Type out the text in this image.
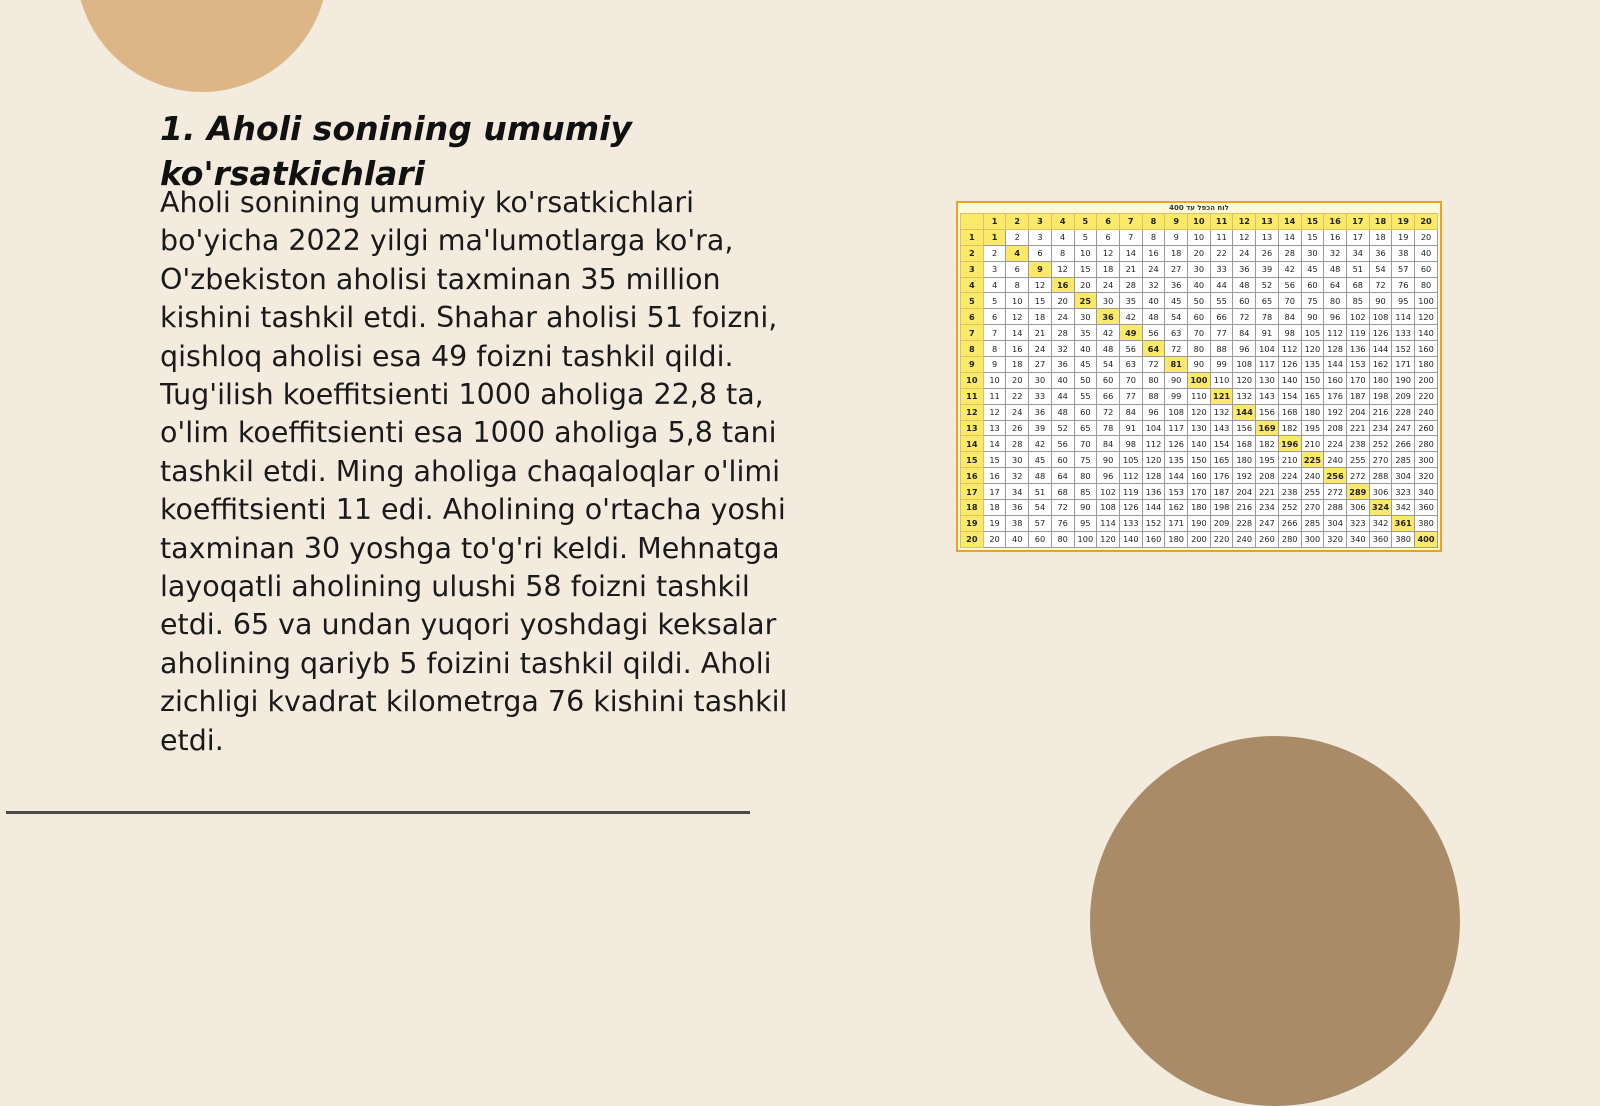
1. Aholi sonining umumiy ko'rsatkichlari

Aholi sonining umumiy ko'rsatkichlari bo'yicha 2022 yilgi ma'lumotlarga ko'ra, O'zbekiston aholisi taxminan 35 million kishini tashkil etdi. Shahar aholisi 51 foizni, qishloq aholisi esa 49 foizni tashkil qildi. Tug'ilish koeffitsienti 1000 aholiga 22,8 ta, o'lim koeffitsienti esa 1000 aholiga 5,8 tani tashkil etdi. Ming aholiga chaqaloqlar o'limi koeffitsienti 11 edi. Aholining o'rtacha yoshi taxminan 30 yoshga to'g'ri keldi. Mehnatga layoqatli aholining ulushi 58 foizni tashkil etdi. 65 va undan yuqori yoshdagi keksalar aholining qariyb 5 foizini tashkil qildi. Aholi zichligi kvadrat kilometrga 76 kishini tashkil etdi.

לוח הכפל עד 400
	1	2	3	4	5	6	7	8	9	10	11	12	13	14	15	16	17	18	19	20
1	1	2	3	4	5	6	7	8	9	10	11	12	13	14	15	16	17	18	19	20
2	2	4	6	8	10	12	14	16	18	20	22	24	26	28	30	32	34	36	38	40
3	3	6	9	12	15	18	21	24	27	30	33	36	39	42	45	48	51	54	57	60
4	4	8	12	16	20	24	28	32	36	40	44	48	52	56	60	64	68	72	76	80
5	5	10	15	20	25	30	35	40	45	50	55	60	65	70	75	80	85	90	95	100
6	6	12	18	24	30	36	42	48	54	60	66	72	78	84	90	96	102	108	114	120
7	7	14	21	28	35	42	49	56	63	70	77	84	91	98	105	112	119	126	133	140
8	8	16	24	32	40	48	56	64	72	80	88	96	104	112	120	128	136	144	152	160
9	9	18	27	36	45	54	63	72	81	90	99	108	117	126	135	144	153	162	171	180
10	10	20	30	40	50	60	70	80	90	100	110	120	130	140	150	160	170	180	190	200
11	11	22	33	44	55	66	77	88	99	110	121	132	143	154	165	176	187	198	209	220
12	12	24	36	48	60	72	84	96	108	120	132	144	156	168	180	192	204	216	228	240
13	13	26	39	52	65	78	91	104	117	130	143	156	169	182	195	208	221	234	247	260
14	14	28	42	56	70	84	98	112	126	140	154	168	182	196	210	224	238	252	266	280
15	15	30	45	60	75	90	105	120	135	150	165	180	195	210	225	240	255	270	285	300
16	16	32	48	64	80	96	112	128	144	160	176	192	208	224	240	256	272	288	304	320
17	17	34	51	68	85	102	119	136	153	170	187	204	221	238	255	272	289	306	323	340
18	18	36	54	72	90	108	126	144	162	180	198	216	234	252	270	288	306	324	342	360
19	19	38	57	76	95	114	133	152	171	190	209	228	247	266	285	304	323	342	361	380
20	20	40	60	80	100	120	140	160	180	200	220	240	260	280	300	320	340	360	380	400
